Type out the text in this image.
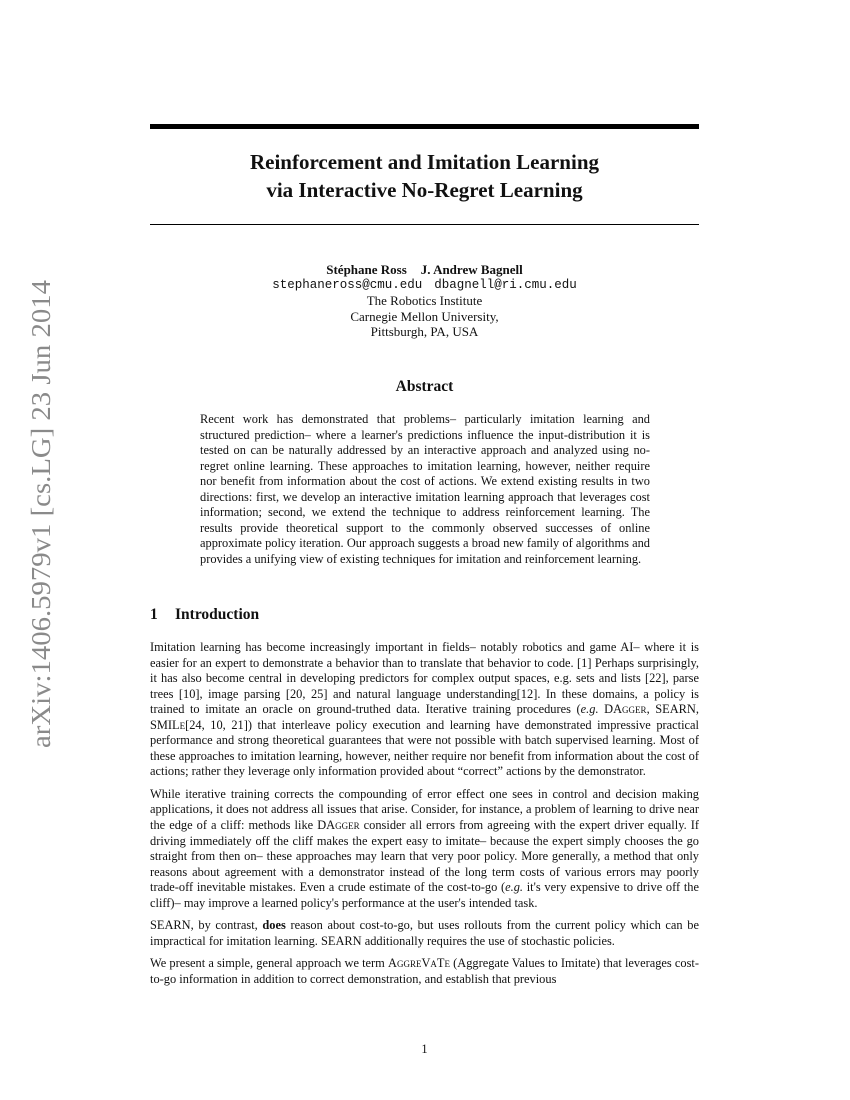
arXiv:1406.5979v1 [cs.LG] 23 Jun 2014
Reinforcement and Imitation Learning
via Interactive No-Regret Learning
Stéphane Ross J. Andrew Bagnell
stephaneross@cmu.edu dbagnell@ri.cmu.edu
The Robotics Institute
Carnegie Mellon University,
Pittsburgh, PA, USA
Abstract
Recent work has demonstrated that problems– particularly imitation learning and structured prediction– where a learner's predictions influence the input-distribution it is tested on can be naturally addressed by an interactive approach and analyzed using no-regret online learning. These approaches to imitation learning, however, neither require nor benefit from information about the cost of actions. We extend existing results in two directions: first, we develop an interactive imitation learning approach that leverages cost information; second, we extend the technique to address reinforcement learning. The results provide theoretical support to the commonly observed successes of online approximate policy iteration. Our approach suggests a broad new family of algorithms and provides a unifying view of existing techniques for imitation and reinforcement learning.
1 Introduction

Imitation learning has become increasingly important in fields– notably robotics and game AI– where it is easier for an expert to demonstrate a behavior than to translate that behavior to code. [1] Perhaps surprisingly, it has also become central in developing predictors for complex output spaces, e.g. sets and lists [22], parse trees [10], image parsing [20, 25] and natural language understanding[12]. In these domains, a policy is trained to imitate an oracle on ground-truthed data. Iterative training procedures (e.g. DAgger, SEARN, SMILe[24, 10, 21]) that interleave policy execution and learning have demonstrated impressive practical performance and strong theoretical guarantees that were not possible with batch supervised learning. Most of these approaches to imitation learning, however, neither require nor benefit from information about the cost of actions; rather they leverage only information provided about “correct” actions by the demonstrator.

While iterative training corrects the compounding of error effect one sees in control and decision making applications, it does not address all issues that arise. Consider, for instance, a problem of learning to drive near the edge of a cliff: methods like DAgger consider all errors from agreeing with the expert driver equally. If driving immediately off the cliff makes the expert easy to imitate– because the expert simply chooses the go straight from then on– these approaches may learn that very poor policy. More generally, a method that only reasons about agreement with a demonstrator instead of the long term costs of various errors may poorly trade-off inevitable mistakes. Even a crude estimate of the cost-to-go (e.g. it's very expensive to drive off the cliff)– may improve a learned policy's performance at the user's intended task.

SEARN, by contrast, does reason about cost-to-go, but uses rollouts from the current policy which can be impractical for imitation learning. SEARN additionally requires the use of stochastic policies.

We present a simple, general approach we term AggreVaTe (Aggregate Values to Imitate) that leverages cost-to-go information in addition to correct demonstration, and establish that previous

1
